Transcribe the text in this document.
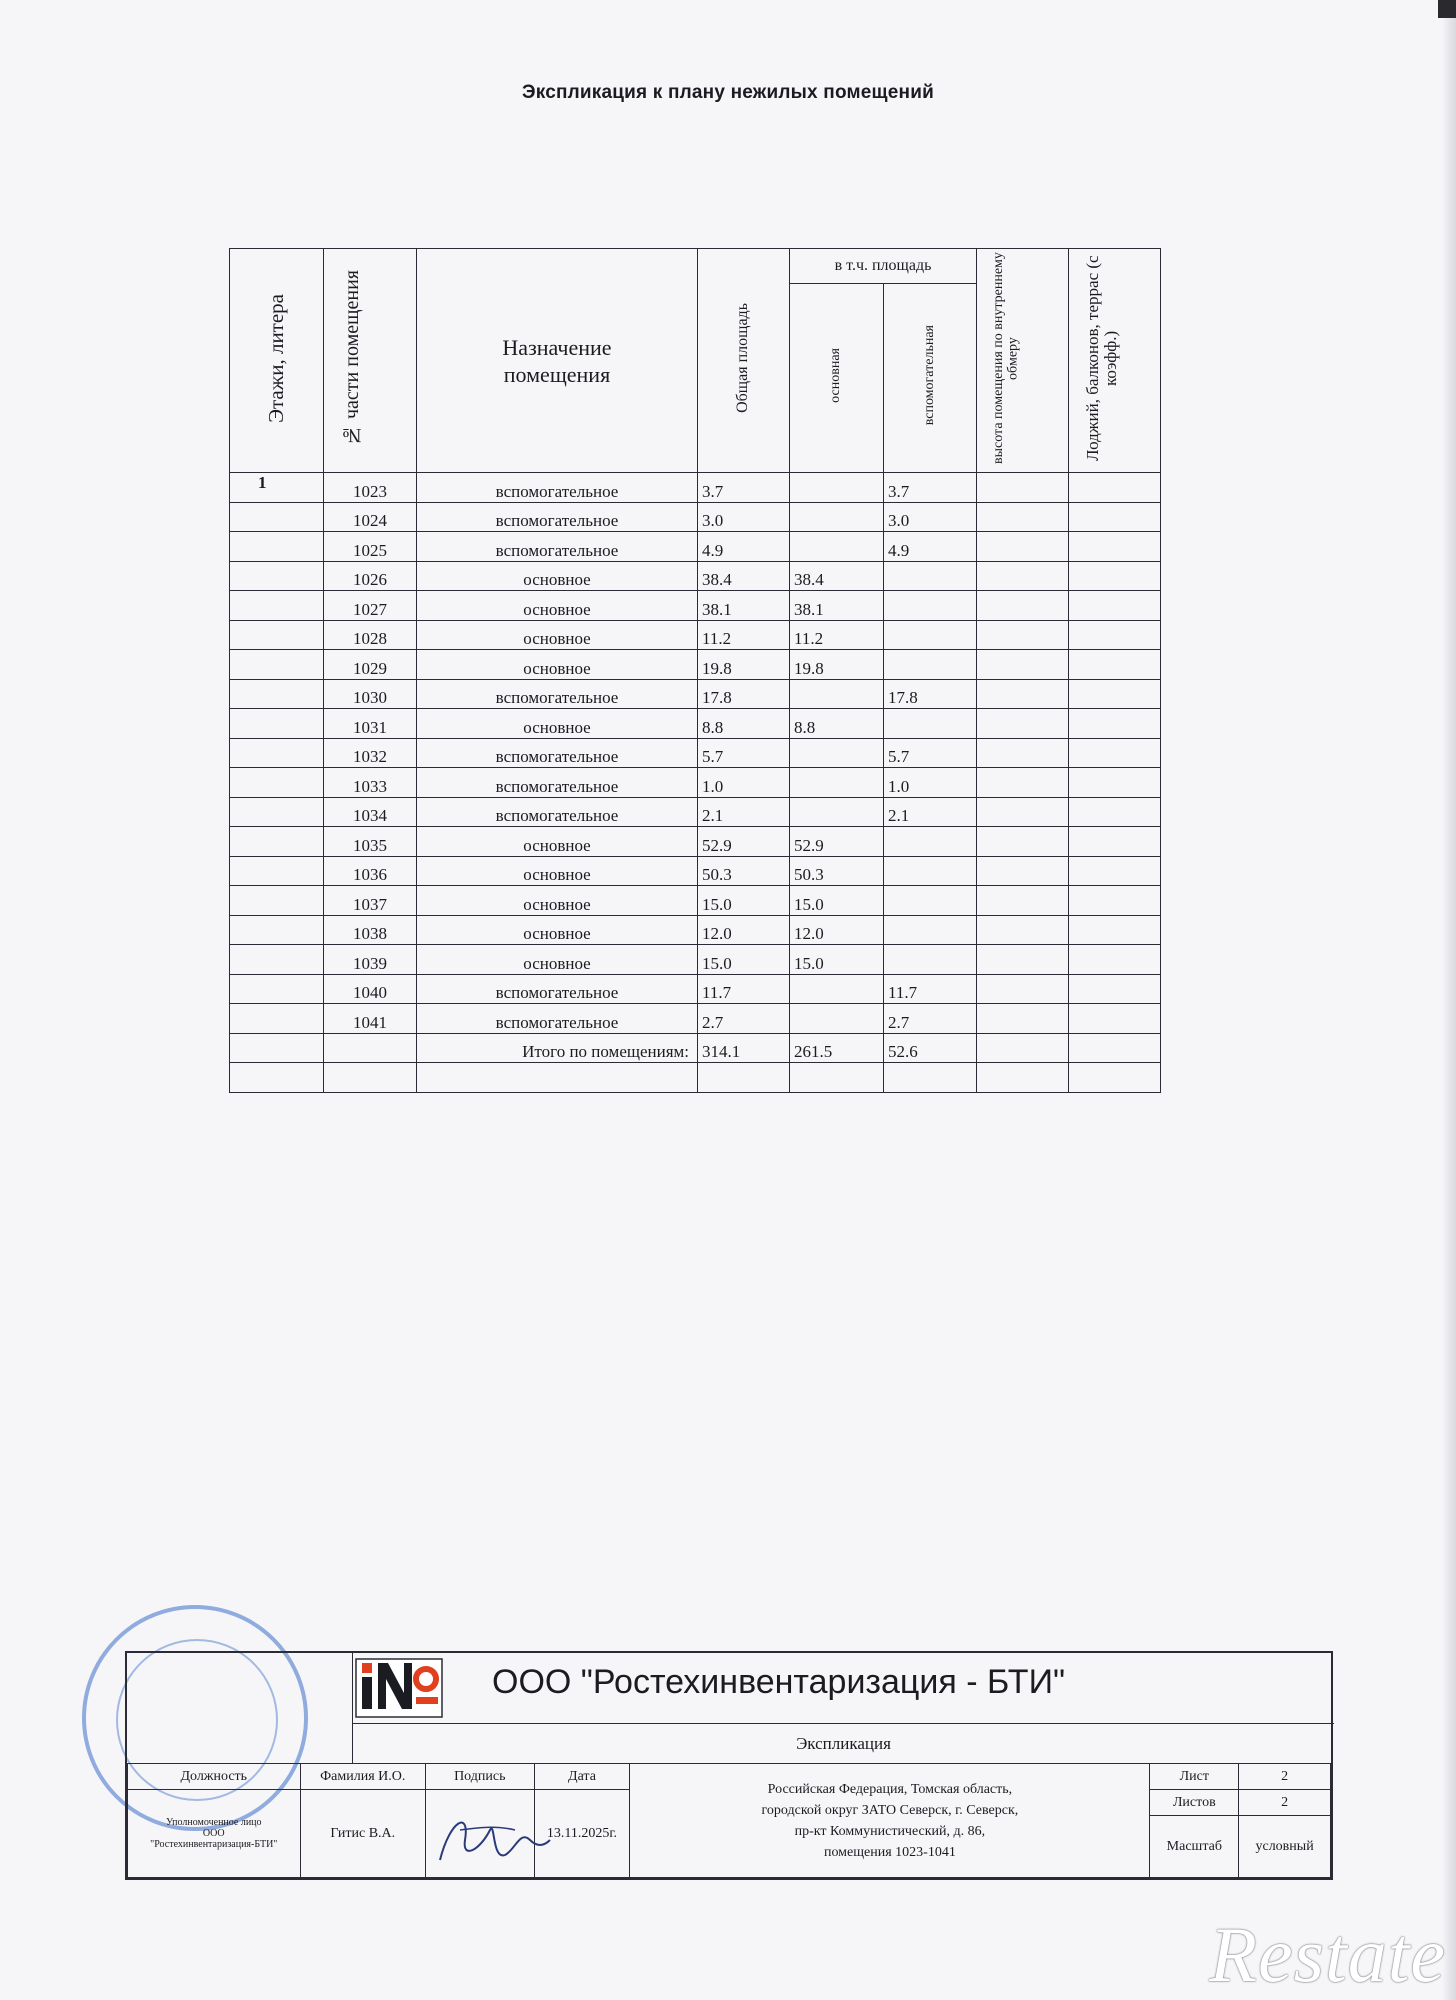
Экспликация к плану нежилых помещений
Этажи, литера	№ части помещения	Назначение помещения	Общая площадь	в т.ч. площадь		высота помещения по внутреннему обмеру	Лоджий, балконов, террас (с коэфф.)
				основная	вспомогательная		
1	1023	вспомогательное	3.7		3.7		
	1024	вспомогательное	3.0		3.0		
	1025	вспомогательное	4.9		4.9		
	1026	основное	38.4	38.4			
	1027	основное	38.1	38.1			
	1028	основное	11.2	11.2			
	1029	основное	19.8	19.8			
	1030	вспомогательное	17.8		17.8		
	1031	основное	8.8	8.8			
	1032	вспомогательное	5.7		5.7		
	1033	вспомогательное	1.0		1.0		
	1034	вспомогательное	2.1		2.1		
	1035	основное	52.9	52.9			
	1036	основное	50.3	50.3			
	1037	основное	15.0	15.0			
	1038	основное	12.0	12.0			
	1039	основное	15.0	15.0			
	1040	вспомогательное	11.7		11.7		
	1041	вспомогательное	2.7		2.7		
		Итого по помещениям:	314.1	261.5	52.6		

ООО "Ростехинвентаризация - БТИ"
Экспликация
Должность	Фамилия И.О.	Подпись	Дата	Российская Федерация, Томская область,
городской округ ЗАТО Северск, г. Северск,
пр-кт Коммунистический, д. 86,
помещения 1023-1041	Лист	2

Уполномоченное лицо
ООО
"Ростехинвентаризация-БТИ"	Гитис В.А.		13.11.2025г.		Листов	2
					Масштаб	условный
Restate
